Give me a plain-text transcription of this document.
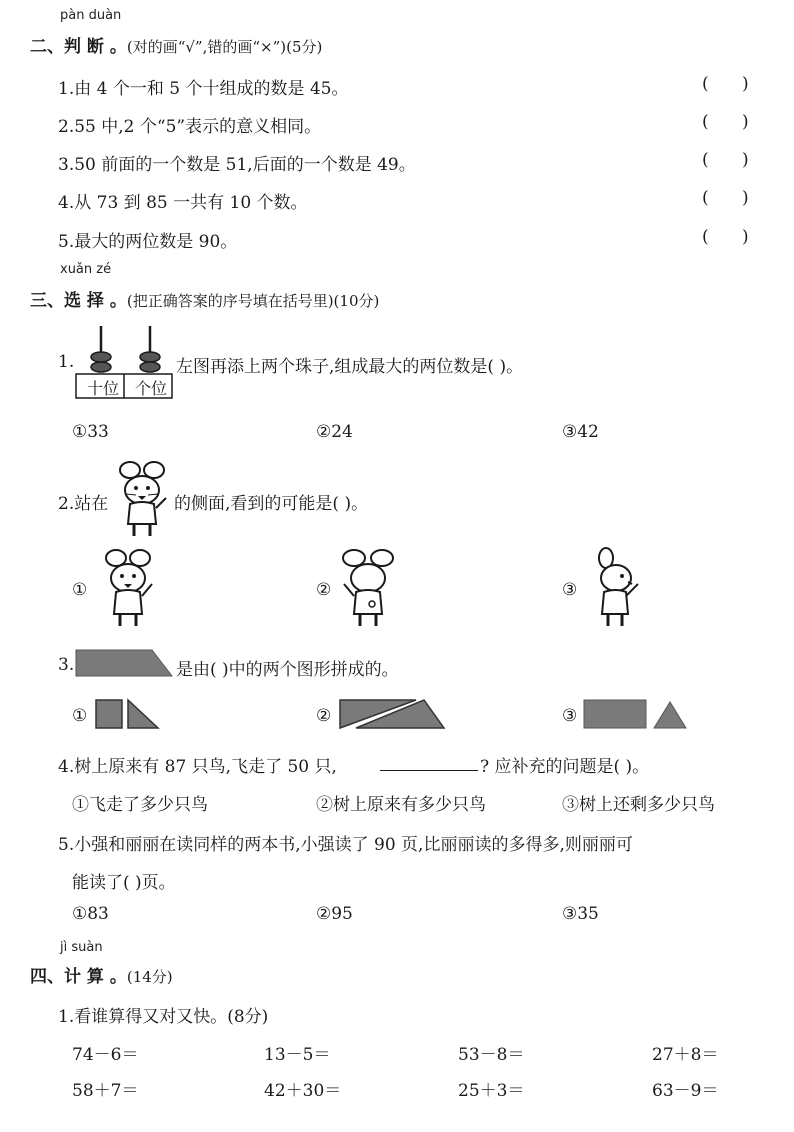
pàn duàn
二、判 断 。(对的画“√”,错的画“×”)(5分)
1.由 4 个一和 5 个十组成的数是 45。	( )
2.55 中,2 个“5”表示的意义相同。	( )
3.50 前面的一个数是 51,后面的一个数是 49。	( )
4.从 73 到 85 一共有 10 个数。	( )
5.最大的两位数是 90。	( )
xuǎn zé
三、选 择 。(把正确答案的序号填在括号里)(10分)
1.
十位 个位
左图再添上两个珠子,组成最大的两位数是( )。
①33	②24	③42
2.站在	的侧面,看到的可能是( )。
①	②	③
3.	是由( )中的两个图形拼成的。
①	②	③
4.树上原来有 87 只鸟,飞走了 50 只,	? 应补充的问题是( )。
①飞走了多少只鸟	②树上原来有多少只鸟	③树上还剩多少只鸟
5.小强和丽丽在读同样的两本书,小强读了 90 页,比丽丽读的多得多,则丽丽可
能读了( )页。
①83	②95	③35
jì suàn
四、计 算 。(14分)
1.看谁算得又对又快。(8分)
74－6＝	13－5＝	53－8＝	27＋8＝
58＋7＝	42＋30＝	25＋3＝	63－9＝
